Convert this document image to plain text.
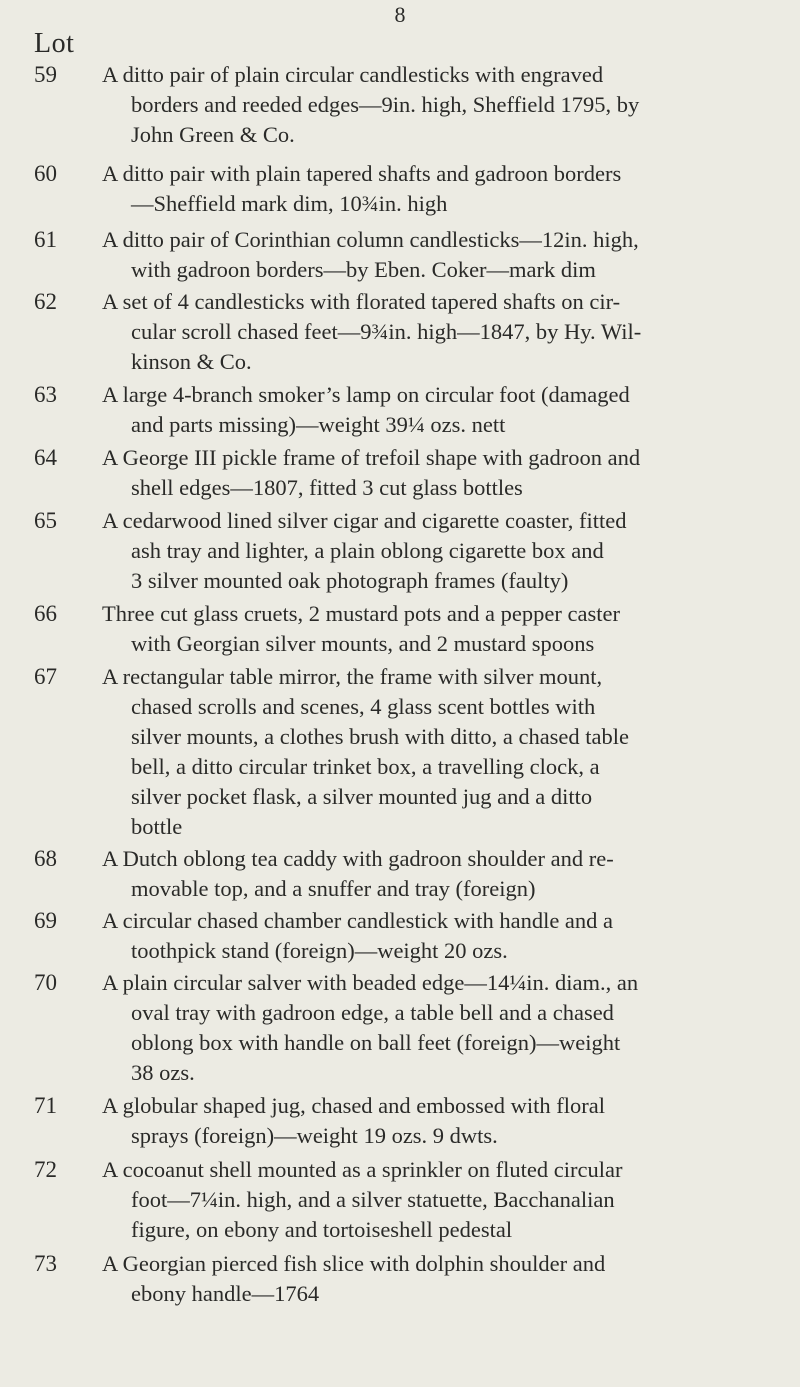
8
Lot
59 A ditto pair of plain circular candlesticks with engraved
borders and reeded edges—9in. high, Sheffield 1795, by
John Green & Co.
60 A ditto pair with plain tapered shafts and gadroon borders
—Sheffield mark dim, 10¾in. high
61 A ditto pair of Corinthian column candlesticks—12in. high,
with gadroon borders—by Eben. Coker—mark dim
62 A set of 4 candlesticks with florated tapered shafts on cir-
cular scroll chased feet—9¾in. high—1847, by Hy. Wil-
kinson & Co.
63 A large 4-branch smoker’s lamp on circular foot (damaged
and parts missing)—weight 39¼ ozs. nett
64 A George III pickle frame of trefoil shape with gadroon and
shell edges—1807, fitted 3 cut glass bottles
65 A cedarwood lined silver cigar and cigarette coaster, fitted
ash tray and lighter, a plain oblong cigarette box and
3 silver mounted oak photograph frames (faulty)
66 Three cut glass cruets, 2 mustard pots and a pepper caster
with Georgian silver mounts, and 2 mustard spoons
67 A rectangular table mirror, the frame with silver mount,
chased scrolls and scenes, 4 glass scent bottles with
silver mounts, a clothes brush with ditto, a chased table
bell, a ditto circular trinket box, a travelling clock, a
silver pocket flask, a silver mounted jug and a ditto
bottle
68 A Dutch oblong tea caddy with gadroon shoulder and re-
movable top, and a snuffer and tray (foreign)
69 A circular chased chamber candlestick with handle and a
toothpick stand (foreign)—weight 20 ozs.
70 A plain circular salver with beaded edge—14¼in. diam., an
oval tray with gadroon edge, a table bell and a chased
oblong box with handle on ball feet (foreign)—weight
38 ozs.
71 A globular shaped jug, chased and embossed with floral
sprays (foreign)—weight 19 ozs. 9 dwts.
72 A cocoanut shell mounted as a sprinkler on fluted circular
foot—7¼in. high, and a silver statuette, Bacchanalian
figure, on ebony and tortoiseshell pedestal
73 A Georgian pierced fish slice with dolphin shoulder and
ebony handle—1764
